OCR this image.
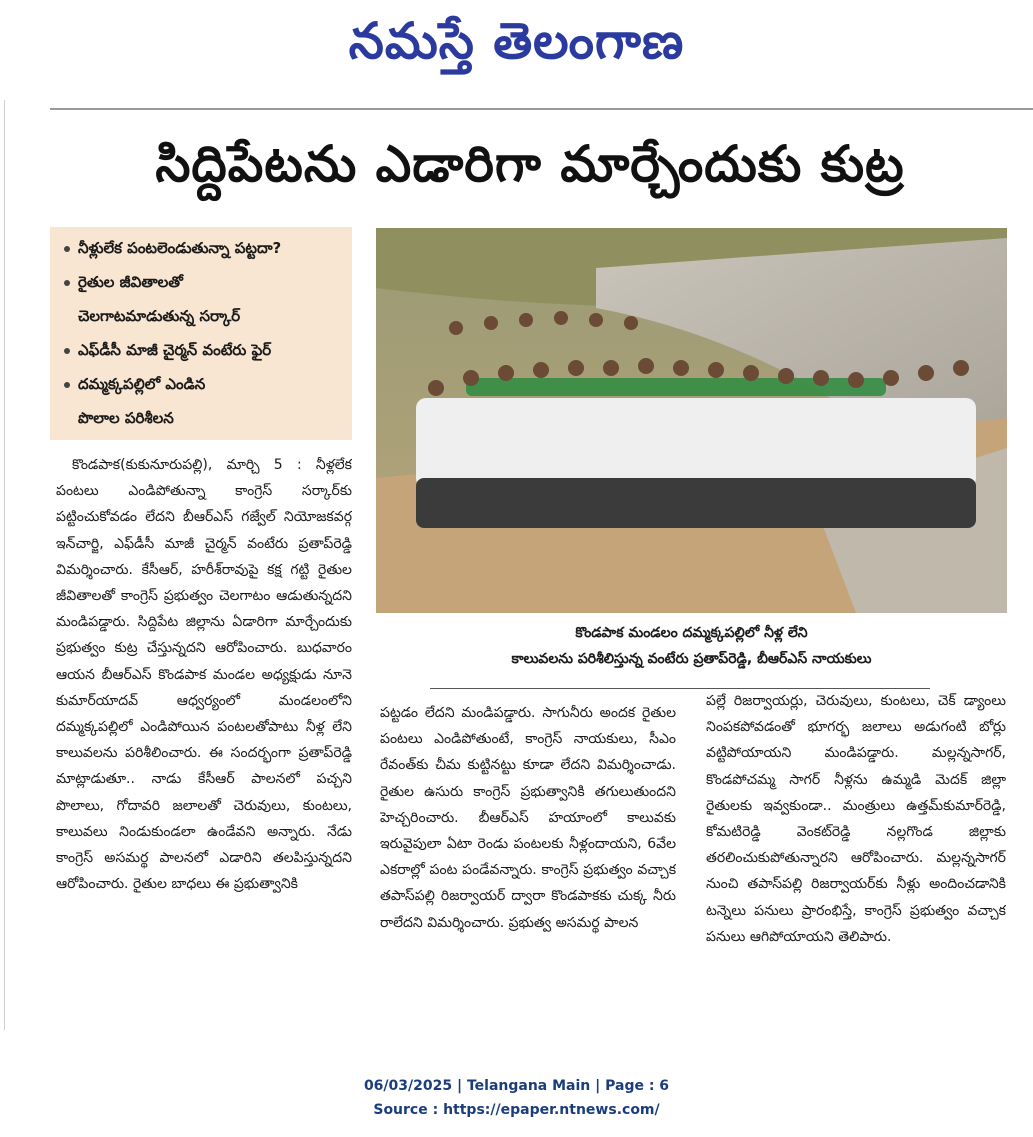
నమస్తే తెలంగాణ
సిద్దిపేటను ఎడారిగా మార్చేందుకు కుట్ర
నీళ్లులేక పంటలెండుతున్నా పట్టదా?
రైతుల జీవితాలతో
చెలగాటమాడుతున్న సర్కార్
ఎఫ్‌డీసీ మాజీ చైర్మన్ వంటేరు ఫైర్
దమ్మక్కపల్లిలో ఎండిన
పొలాల పరిశీలన
కొండపాక మండలం దమ్మక్కపల్లిలో నీళ్ల లేని
కాలువలను పరిశీలిస్తున్న వంటేరు ప్రతాప్‌రెడ్డి, బీఆర్‌ఎస్ నాయకులు

కొండపాక(కుకునూరుపల్లి), మార్చి 5 : నీళ్లలేక పంటలు ఎండిపోతున్నా కాంగ్రెస్ సర్కార్‌కు పట్టించుకోవడం లేదని బీఆర్‌ఎస్ గజ్వేల్ నియోజకవర్గ ఇన్‌చార్జి, ఎఫ్‌డీసీ మాజీ చైర్మన్ వంటేరు ప్రతాప్‌రెడ్డి విమర్శించారు. కేసీఆర్, హరీశ్‌రావుపై కక్ష గట్టి రైతుల జీవితాలతో కాంగ్రెస్ ప్రభుత్వం చెలగాటం ఆడుతున్నదని మండిపడ్డారు. సిద్దిపేట జిల్లాను ఏడారిగా మార్చేందుకు ప్రభుత్వం కుట్ర చేస్తున్నదని ఆరోపించారు. బుధవారం ఆయన బీఆర్‌ఎస్ కొండపాక మండల అధ్యక్షుడు నూనె కుమార్‌యాదవ్ ఆధ్వర్యంలో మండలంలోని దమ్మక్కపల్లిలో ఎండిపోయిన పంటలతోపాటు నీళ్ల లేని కాలువలను పరిశీలించారు. ఈ సందర్భంగా ప్రతాప్‌రెడ్డి మాట్లాడుతూ.. నాడు కేసీఆర్ పాలనలో పచ్చని పొలాలు, గోదావరి జలాలతో చెరువులు, కుంటలు, కాలువలు నిండుకుండలా ఉండేవని అన్నారు. నేడు కాంగ్రెస్ అసమర్థ పాలనలో ఎడారిని తలపిస్తున్నదని ఆరోపించారు. రైతుల బాధలు ఈ ప్రభుత్వానికి

పట్టడం లేదని మండిపడ్డారు. సాగునీరు అందక రైతుల పంటలు ఎండిపోతుంటే, కాంగ్రెస్ నాయకులు, సీఎం రేవంత్‌కు చీమ కుట్టినట్టు కూడా లేదని విమర్శించాడు. రైతుల ఉసురు కాంగ్రెస్ ప్రభుత్వానికి తగులుతుందని హెచ్చరించారు. బీఆర్‌ఎస్ హయాంలో కాలువకు ఇరువైపులా ఏటా రెండు పంటలకు నీళ్లందాయని, 6వేల ఎకరాల్లో పంట పండేవన్నారు. కాంగ్రెస్ ప్రభుత్వం వచ్చాక తపాస్‌పల్లి రిజర్వాయర్ ద్వారా కొండపాకకు చుక్క నీరు రాలేదని విమర్శించారు. ప్రభుత్వ అసమర్థ పాలన

పల్లే రిజర్వాయర్లు, చెరువులు, కుంటలు, చెక్ డ్యాంలు నింపకపోవడంతో భూగర్భ జలాలు అడుగంటి బోర్లు వట్టిపోయాయని మండిపడ్డారు. మల్లన్నసాగర్, కొండపోచమ్మ సాగర్ నీళ్లను ఉమ్మడి మెదక్ జిల్లా రైతులకు ఇవ్వకుండా.. మంత్రులు ఉత్తమ్‌కుమార్‌రెడ్డి, కోమటిరెడ్డి వెంకట్‌రెడ్డి నల్లగొండ జిల్లాకు తరలించుకుపోతున్నారని ఆరోపించారు. మల్లన్నసాగర్ నుంచి తపాస్‌పల్లి రిజర్వాయర్‌కు నీళ్లు అందించడానికి టన్నెలు పనులు ప్రారంభిస్తే, కాంగ్రెస్ ప్రభుత్వం వచ్చాక పనులు ఆగిపోయాయని తెలిపారు.

06/03/2025 | Telangana Main | Page : 6
Source : https://epaper.ntnews.com/
